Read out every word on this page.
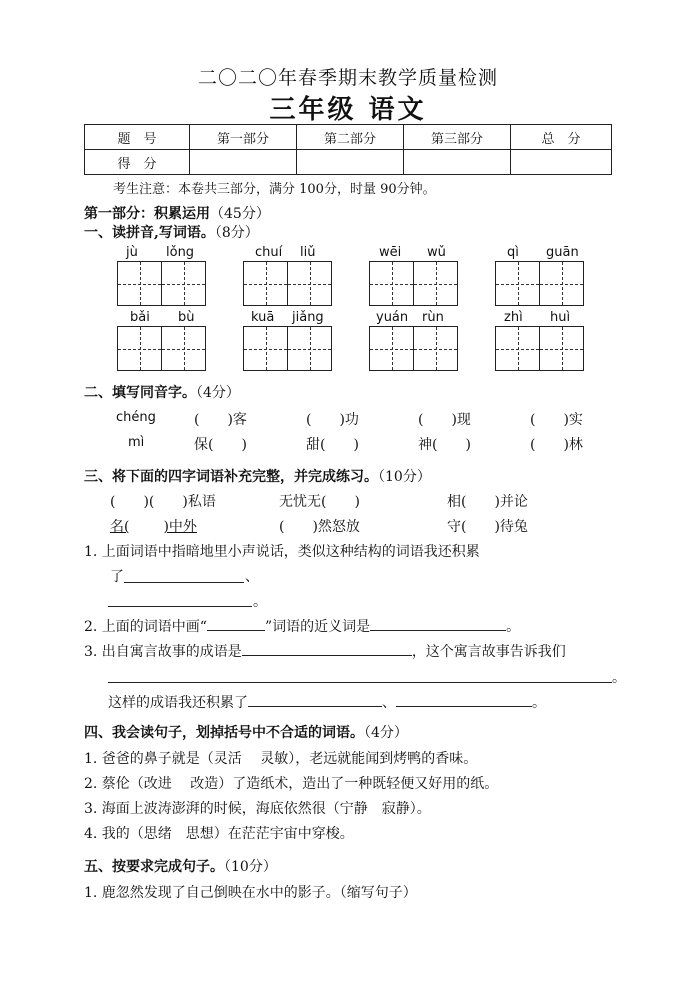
二〇二〇年春季期末教学质量检测
三年级 语文
题　号	第一部分	第二部分	第三部分	总　分
得　分				
考生注意：本卷共三部分，满分 100分，时量 90分钟。
第一部分：积累运用（45分）
一、读拼音,写词语。（8分）
jù lǒng	chuí liǔ	wēi wǔ	qì guān
bǎi bù	kuā jiǎng	yuán rùn	zhì huì
二、填写同音字。（4分）
chéng	(　　)客	(　　)功	(　　)现	(　　)实
mì	保(　　)	甜(　　)	神(　　)	(　　)林
三、将下面的四字词语补充完整，并完成练习。（10分）
(　　)(　　)私语	无忧无(　　)	相(　　)并论
名( )中外	(　　)然怒放	守(　　)待兔
1. 上面词语中指暗地里小声说话，类似这种结构的词语我还积累
了	、
。
2. 上面的词语中画“	”词语的近义词是	。
3. 出自寓言故事的成语是	，这个寓言故事告诉我们
。
这样的成语我还积累了	、	。
四、我会读句子，划掉括号中不合适的词语。（4分）
1. 爸爸的鼻子就是（灵活　 灵敏），老远就能闻到烤鸭的香味。
2. 蔡伦（改进　 改造）了造纸术，造出了一种既轻便又好用的纸。
3. 海面上波涛澎湃的时候，海底依然很（宁静　寂静）。
4. 我的（思绪　思想）在茫茫宇宙中穿梭。
五、按要求完成句子。（10分）
1. 鹿忽然发现了自己倒映在水中的影子。（缩写句子）
